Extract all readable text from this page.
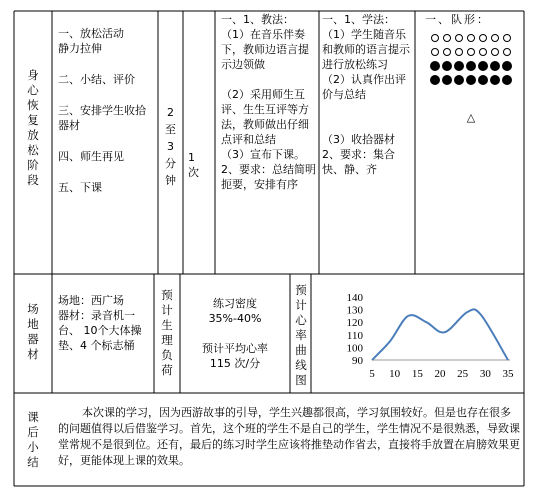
身心恢复放松阶段
一、放松活动
静力拉伸
二、小结、评价
三、安排学生收拾器材
四、师生再见
五、下课
2
至
3
分
钟
1
次
一、1、教法：
（1）在音乐伴奏下，教师边语言提示边领做

（2）采用师生互评、生生互评等方法，教师做出仔细点评和总结
（3）宣布下课。
2、要求：总结简明扼要，安排有序
一、1、学法：
（1）学生随音乐和教师的语言提示进行放松练习
（2）认真作出评价与总结

（3）收拾器材
2、要求：集合快、静、齐
一、队形：
△
场地器材
场地：西广场
器材：录音机一台、 10个大体操垫、4 个标志桶
预计生理负荷
练习密度
35%-40%

预计平均心率
115 次/分
预计心率曲线图
140
130
120
110
100
90
5 10 15 20 25 30 35
课后小结
本次课的学习，因为西游故事的引导，学生兴趣都很高，学习氛围较好。但是也存在很多的问题值得以后借鉴学习。首先，这个班的学生不是自己的学生，学生情况不是很熟悉，导致课堂常规不是很到位。还有，最后的练习时学生应该将推垫动作省去，直接将手放置在肩膀效果更好，更能体现上课的效果。
